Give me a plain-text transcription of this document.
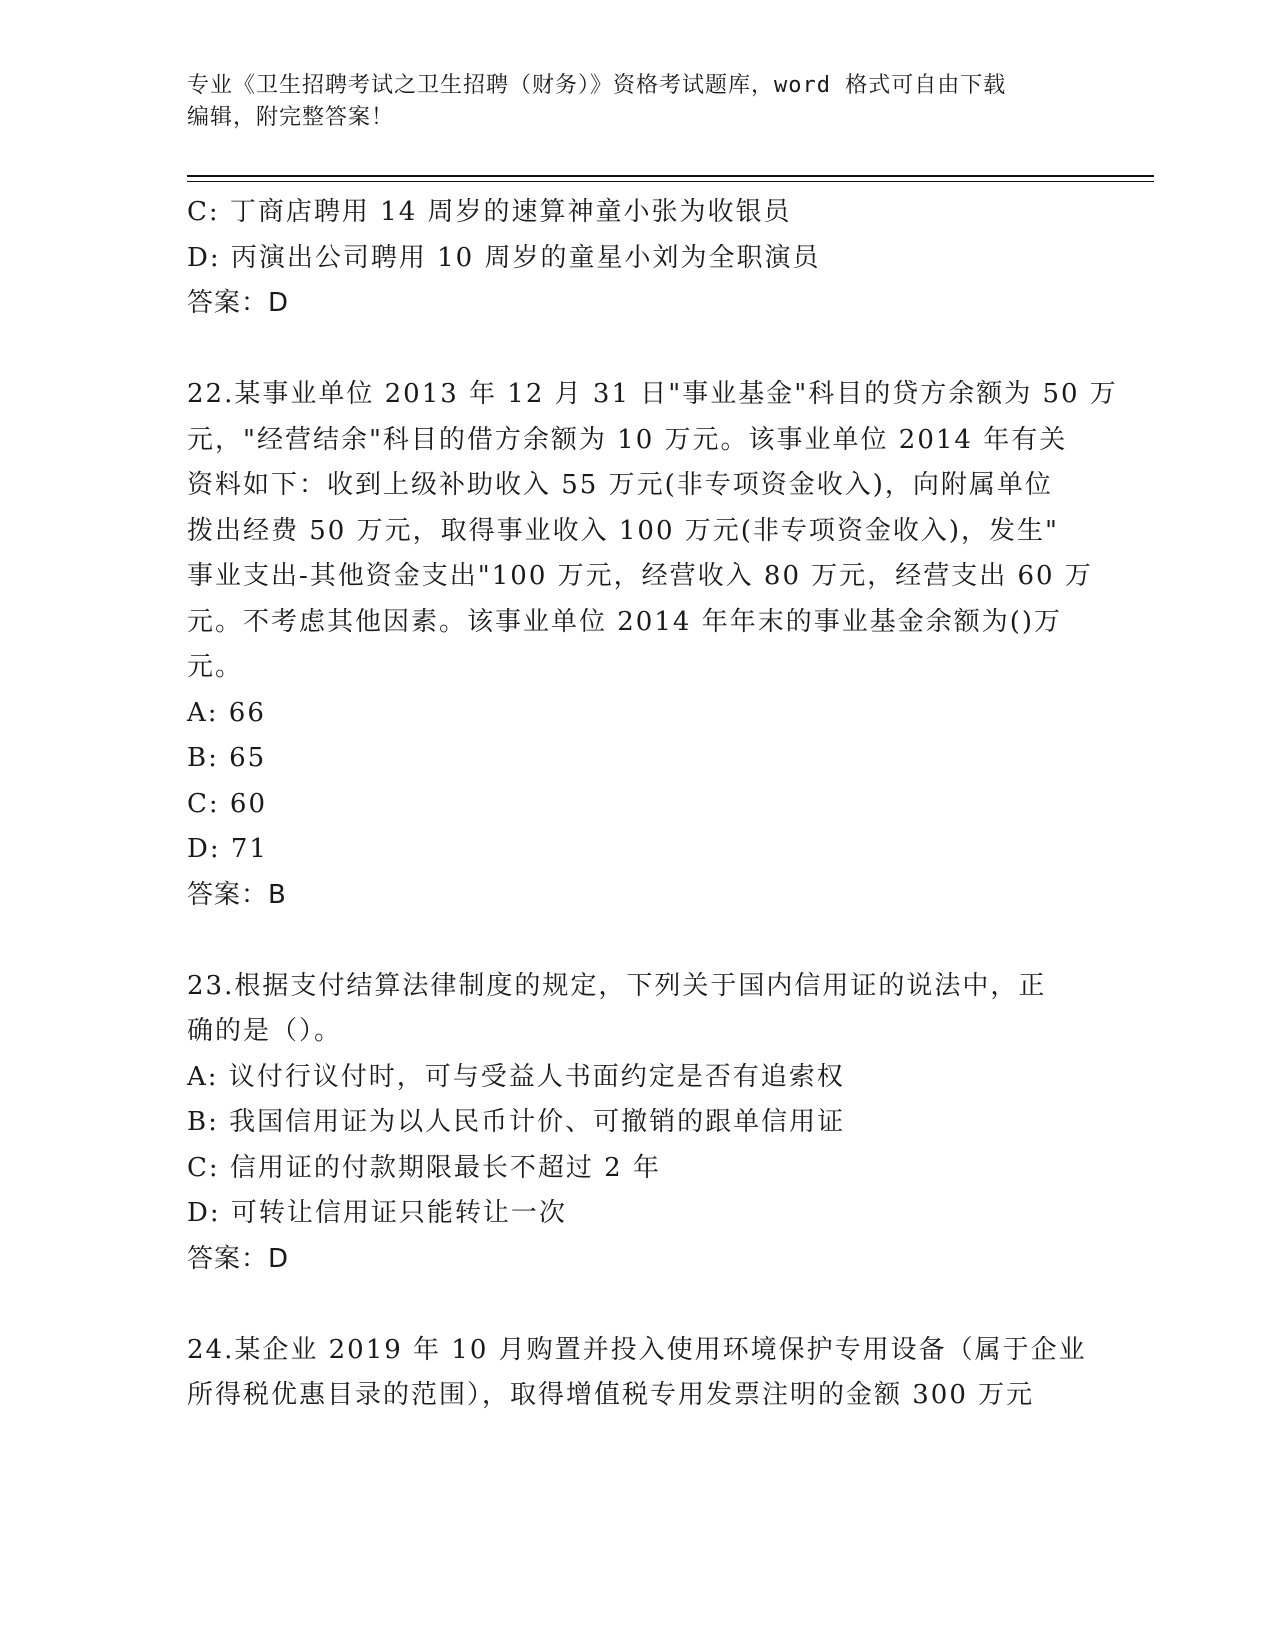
专业《卫生招聘考试之卫生招聘（财务）》资格考试题库，word 格式可自由下载
编辑，附完整答案！
C: 丁商店聘用 14 周岁的速算神童小张为收银员
D: 丙演出公司聘用 10 周岁的童星小刘为全职演员
答案：D
22.某事业单位 2013 年 12 月 31 日"事业基金"科目的贷方余额为 50 万
元，"经营结余"科目的借方余额为 10 万元。该事业单位 2014 年有关
资料如下：收到上级补助收入 55 万元(非专项资金收入)，向附属单位
拨出经费 50 万元，取得事业收入 100 万元(非专项资金收入)，发生"
事业支出-其他资金支出"100 万元，经营收入 80 万元，经营支出 60 万
元。不考虑其他因素。该事业单位 2014 年年末的事业基金余额为()万
元。
A: 66
B: 65
C: 60
D: 71
答案：B
23.根据支付结算法律制度的规定，下列关于国内信用证的说法中，正
确的是（）。
A: 议付行议付时，可与受益人书面约定是否有追索权
B: 我国信用证为以人民币计价、可撤销的跟单信用证
C: 信用证的付款期限最长不超过 2 年
D: 可转让信用证只能转让一次
答案：D
24.某企业 2019 年 10 月购置并投入使用环境保护专用设备（属于企业
所得税优惠目录的范围），取得增值税专用发票注明的金额 300 万元
